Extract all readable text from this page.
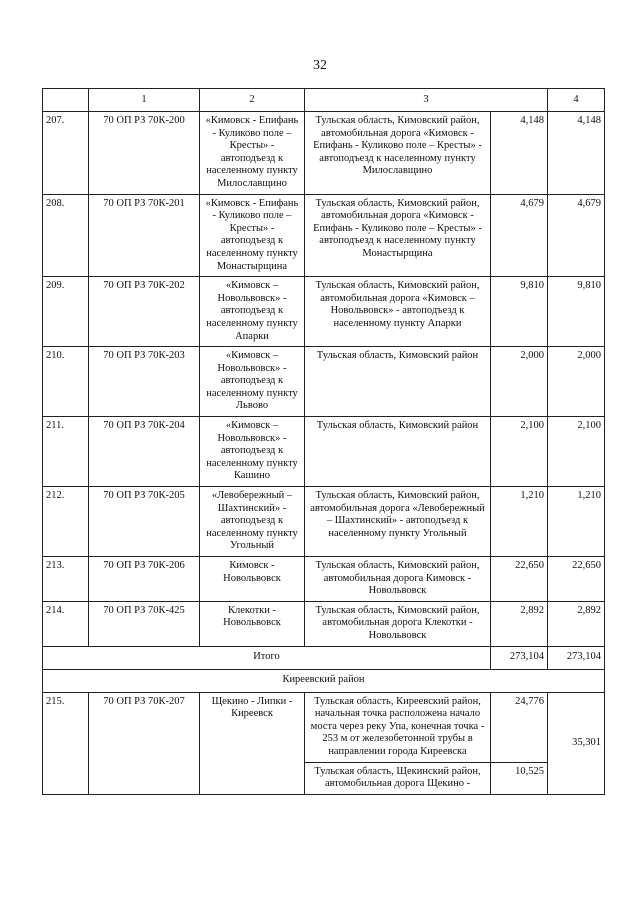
32
	1	2	3		4
207.	70 ОП РЗ 70К-200	«Кимовск - Епифань - Куликово поле – Кресты» - автоподъезд к населенному пункту Милославщино	Тульская область, Кимовский район, автомобильная дорога «Кимовск - Епифань - Куликово поле – Кресты» - автоподъезд к населенному пункту Милославщино	4,148	4,148
208.	70 ОП РЗ 70К-201	«Кимовск - Епифань - Куликово поле – Кресты» - автоподъезд к населенному пункту Монастырщина	Тульская область, Кимовский район, автомобильная дорога «Кимовск - Епифань - Куликово поле – Кресты» - автоподъезд к населенному пункту Монастырщина	4,679	4,679
209.	70 ОП РЗ 70К-202	«Кимовск – Новольвовск» - автоподъезд к населенному пункту Апарки	Тульская область, Кимовский район, автомобильная дорога «Кимовск – Новольвовск» - автоподъезд к населенному пункту Апарки	9,810	9,810
210.	70 ОП РЗ 70К-203	«Кимовск – Новольвовск» - автоподъезд к населенному пункту Львово	Тульская область, Кимовский район	2,000	2,000
211.	70 ОП РЗ 70К-204	«Кимовск – Новольвовск» - автоподъезд к населенному пункту Кашино	Тульская область, Кимовский район	2,100	2,100
212.	70 ОП РЗ 70К-205	«Левобережный – Шахтинский» - автоподъезд к населенному пункту Угольный	Тульская область, Кимовский район, автомобильная дорога «Левобережный – Шахтинский» - автоподъезд к населенному пункту Угольный	1,210	1,210
213.	70 ОП РЗ 70К-206	Кимовск - Новольвовск	Тульская область, Кимовский район, автомобильная дорога Кимовск - Новольвовск	22,650	22,650
214.	70 ОП РЗ 70К-425	Клекотки - Новольвовск	Тульская область, Кимовский район, автомобильная дорога Клекотки - Новольвовск	2,892	2,892
Итого				273,104	273,104
Киреевский район					
215.	70 ОП РЗ 70К-207	Щекино - Липки - Киреевск	Тульская область, Киреевский район, начальная точка расположена начало моста через реку Упа, конечная точка - 253 м от железобетонной трубы в направлении города Киреевска	24,776	35,301
			Тульская область, Щекинский район, автомобильная дорога Щекино -	10,525	
